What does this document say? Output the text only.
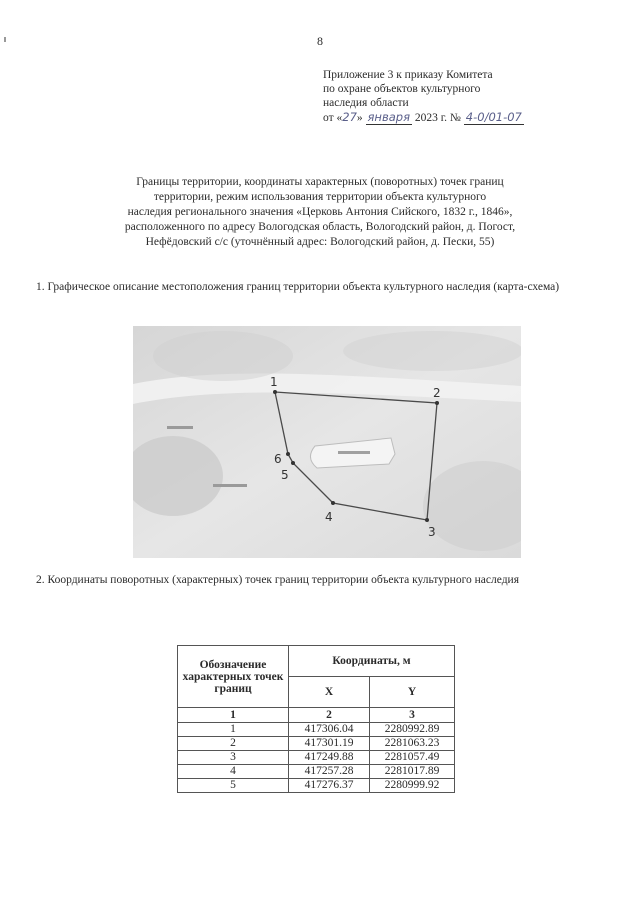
8
Приложение 3 к приказу Комитета
по охране объектов культурного
наследия области
от «27» января 2023 г. № 4-0/01-07
Границы территории, координаты характерных (поворотных) точек границ
территории, режим использования территории объекта культурного
наследия регионального значения «Церковь Антония Сийского, 1832 г., 1846»,
расположенного по адресу Вологодская область, Вологодский район, д. Погост,
Нефёдовский с/с (уточнённый адрес: Вологодский район, д. Пески, 55)
1. Графическое описание местоположения границ территории объекта культурного наследия (карта-схема)
1
2
3
4
5
6
2. Координаты поворотных (характерных) точек границ территории объекта культурного наследия
Обозначение характерных точек границ	Координаты, м	
	X	Y
1	2	3
1	417306.04	2280992.89
2	417301.19	2281063.23
3	417249.88	2281057.49
4	417257.28	2281017.89
5	417276.37	2280999.92
